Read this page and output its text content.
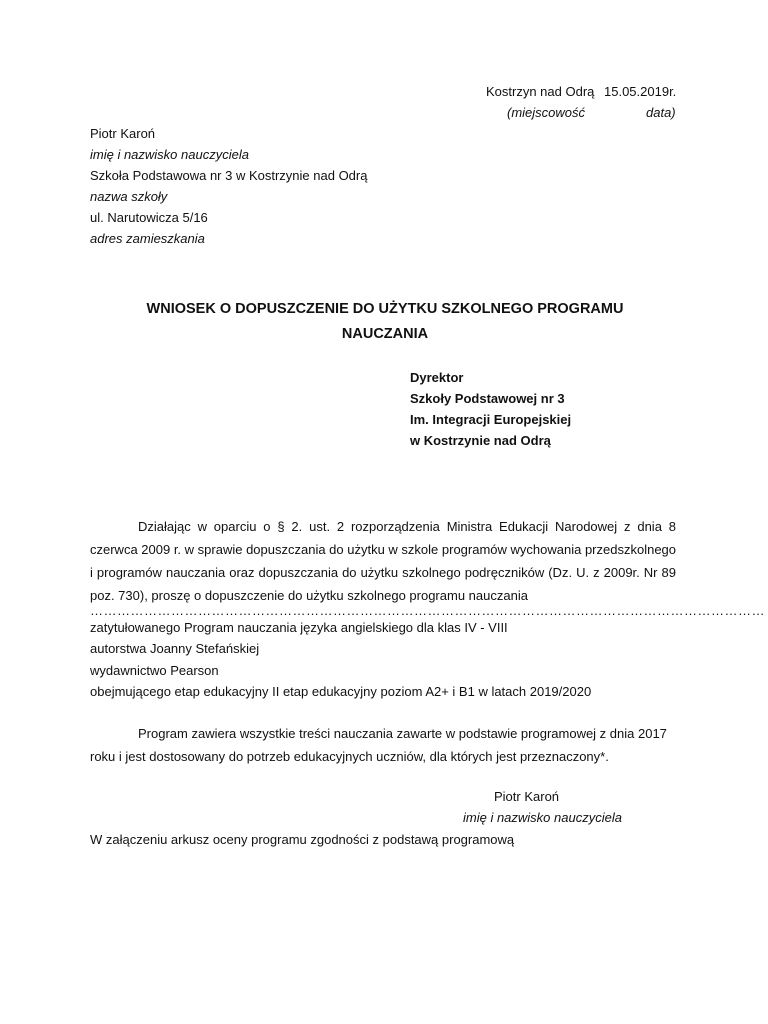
Kostrzyn nad Odrą 15.05.2019r.
(miejscowość	data)
Piotr Karoń
imię i nazwisko nauczyciela
Szkoła Podstawowa nr 3 w Kostrzynie nad Odrą
nazwa szkoły
ul. Narutowicza 5/16
adres zamieszkania
WNIOSEK O DOPUSZCZENIE DO UŻYTKU SZKOLNEGO PROGRAMU
NAUCZANIA
Dyrektor
Szkoły Podstawowej nr 3
Im. Integracji Europejskiej
w Kostrzynie nad Odrą
Działając w oparciu o § 2. ust. 2 rozporządzenia Ministra Edukacji Narodowej z dnia 8 czerwca 2009 r. w sprawie dopuszczania do użytku w szkole programów wychowania przedszkolnego i programów nauczania oraz dopuszczania do użytku szkolnego podręczników (Dz. U. z 2009r. Nr 89 poz. 730), proszę o dopuszczenie do użytku szkolnego programu nauczania
……………………………………………………………………………………………………………………………………
zatytułowanego Program nauczania języka angielskiego dla klas IV - VIII
autorstwa Joanny Stefańskiej
wydawnictwo Pearson
obejmującego etap edukacyjny II etap edukacyjny poziom A2+ i B1 w latach 2019/2020
Program zawiera wszystkie treści nauczania zawarte w podstawie programowej z dnia 2017 roku i jest dostosowany do potrzeb edukacyjnych uczniów, dla których jest przeznaczony*.
Piotr Karoń
imię i nazwisko nauczyciela
W załączeniu arkusz oceny programu zgodności z podstawą programową
